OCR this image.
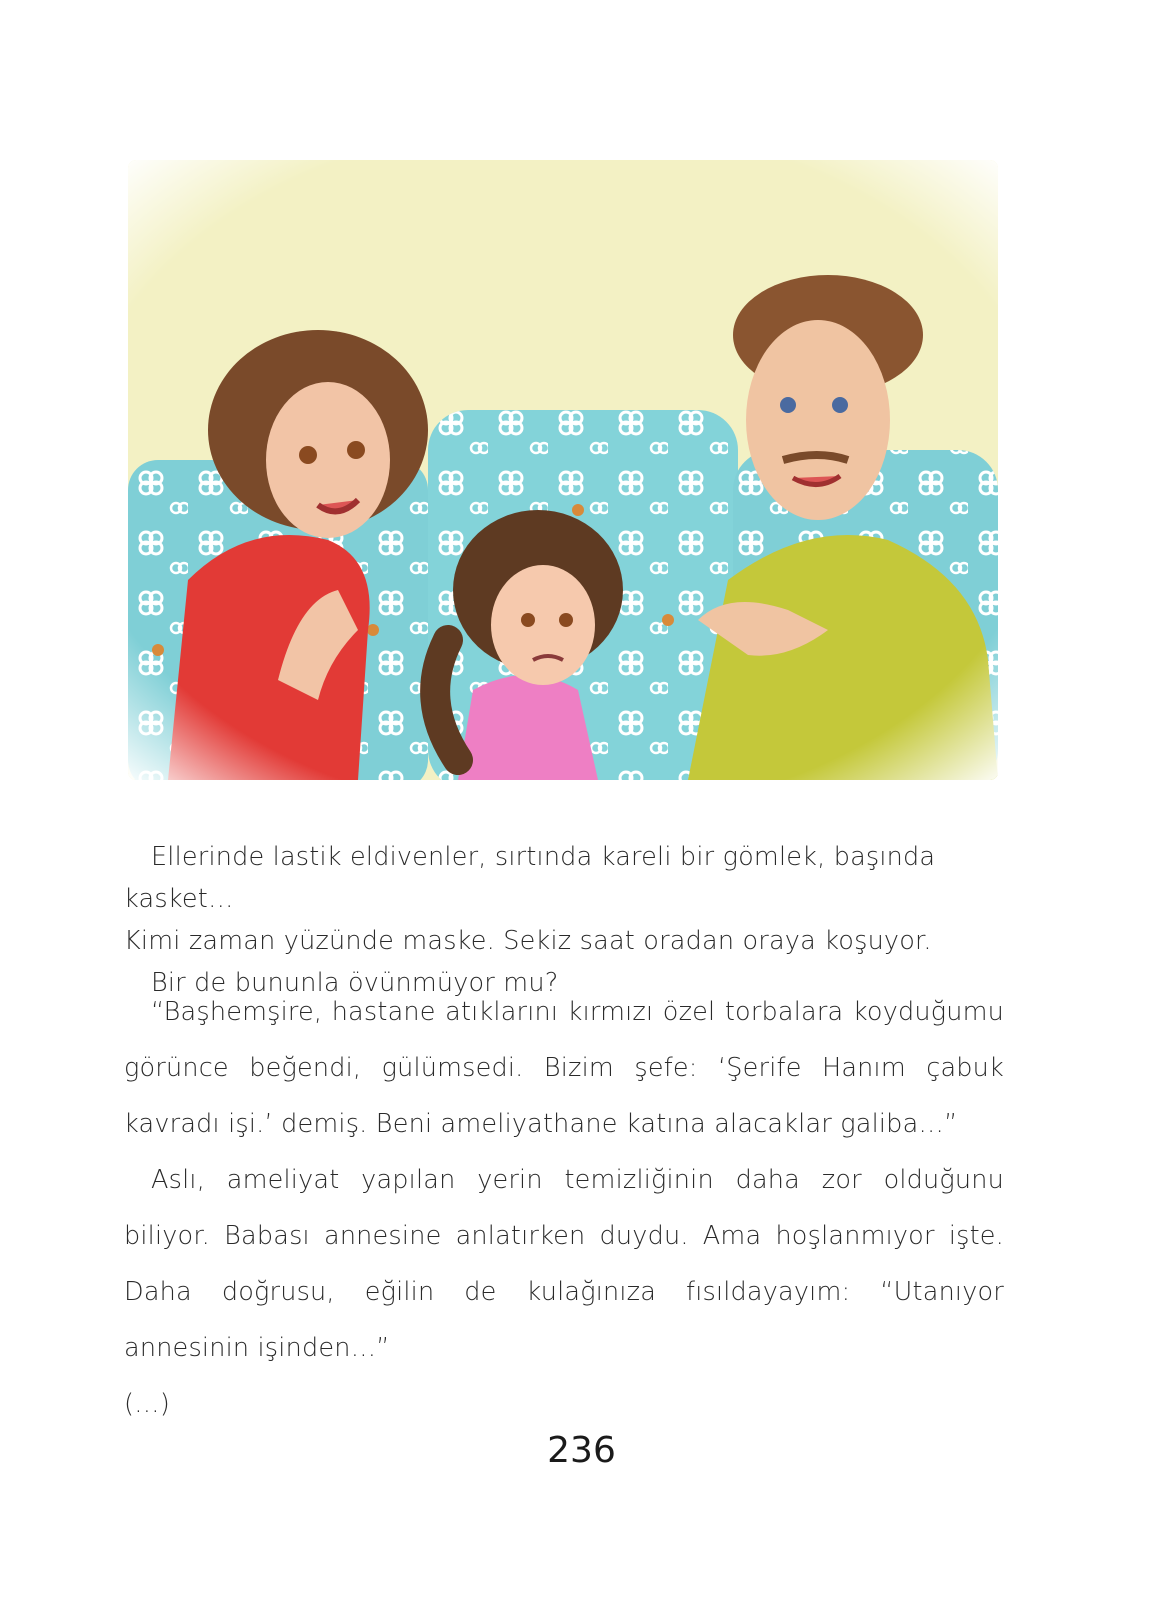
Ellerinde lastik eldivenler, sırtında kareli bir gömlek, başında kasket…

Kimi zaman yüzünde maske. Sekiz saat oradan oraya koşuyor.

Bir de bununla övünmüyor mu?

“Başhemşire, hastane atıklarını kırmızı özel torbalara koyduğumu görünce beğendi, gülümsedi. Bizim şefe: ‘Şerife Hanım çabuk kavradı işi.’ demiş. Beni ameliyathane katına alacaklar galiba…”

Aslı, ameliyat yapılan yerin temizliğinin daha zor olduğunu biliyor. Babası annesine anlatırken duydu. Ama hoşlanmıyor işte. Daha doğrusu, eğilin de kulağınıza fısıldayayım: “Utanıyor annesinin işinden…”

(…)

236
